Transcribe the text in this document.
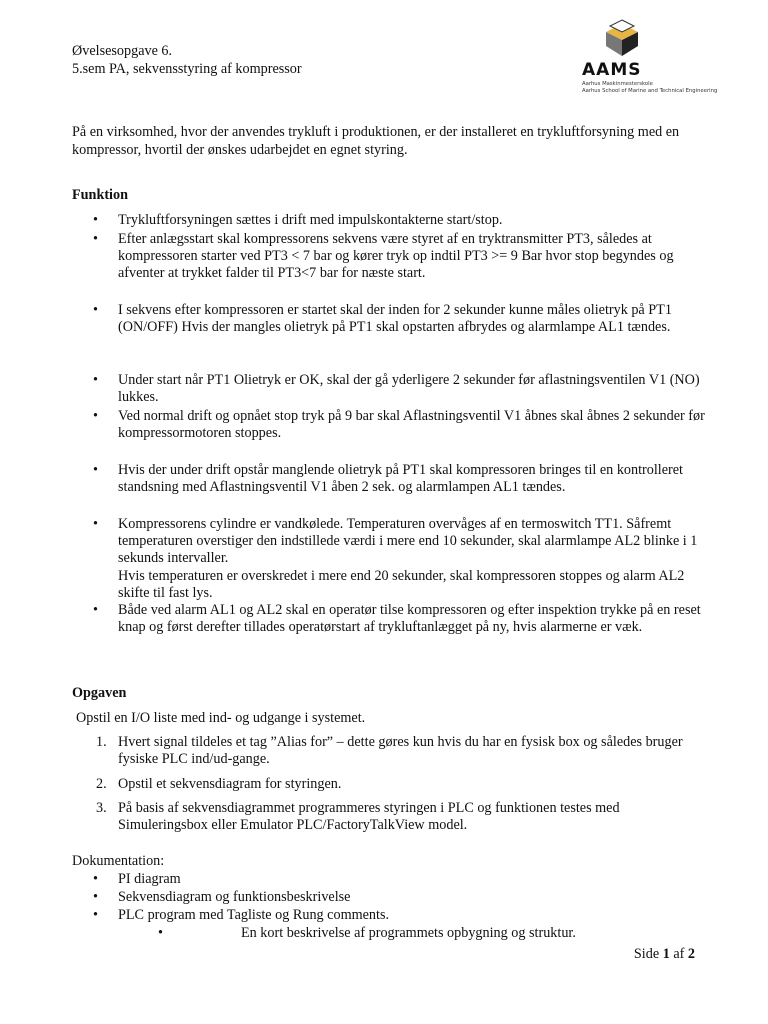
Øvelsesopgave 6.

5.sem PA, sekvensstyring af kompressor	AAMS
Aarhus Maskinmesterskole
Aarhus School of Marine and Technical Engineering

På en virksomhed, hvor der anvendes trykluft i produktionen, er der installeret en trykluftforsyning med en kompressor, hvortil der ønskes udarbejdet en egnet styring.

Funktion

• Trykluftforsyningen sættes i drift med impulskontakterne start/stop.

• Efter anlægsstart skal kompressorens sekvens være styret af en tryktransmitter PT3, således at kompressoren starter ved PT3 < 7 bar og kører tryk op indtil PT3 >= 9 Bar hvor stop begyndes og afventer at trykket falder til PT3<7 bar for næste start.

• I sekvens efter kompressoren er startet skal der inden for 2 sekunder kunne måles olietryk på PT1 (ON/OFF) Hvis der mangles olietryk på PT1 skal opstarten afbrydes og alarmlampe AL1 tændes.

• Under start når PT1 Olietryk er OK, skal der gå yderligere 2 sekunder før aflastningsventilen V1 (NO) lukkes.

• Ved normal drift og opnået stop tryk på 9 bar skal Aflastningsventil V1 åbnes skal åbnes 2 sekunder før kompressormotoren stoppes.

• Hvis der under drift opstår manglende olietryk på PT1 skal kompressoren bringes til en kontrolleret standsning med Aflastningsventil V1 åben 2 sek. og alarmlampen AL1 tændes.

• Kompressorens cylindre er vandkølede. Temperaturen overvåges af en termoswitch TT1. Såfremt temperaturen overstiger den indstillede værdi i mere end 10 sekunder, skal alarmlampe AL2 blinke i 1 sekunds intervaller.

Hvis temperaturen er overskredet i mere end 20 sekunder, skal kompressoren stoppes og alarm AL2 skifte til fast lys.

• Både ved alarm AL1 og AL2 skal en operatør tilse kompressoren og efter inspektion trykke på en reset knap og først derefter tillades operatørstart af trykluftanlægget på ny, hvis alarmerne er væk.

Opgaven

Opstil en I/O liste med ind- og udgange i systemet.

1. Hvert signal tildeles et tag ”Alias for” – dette gøres kun hvis du har en fysisk box og således bruger fysiske PLC ind/ud-gange.

2. Opstil et sekvensdiagram for styringen.

3. På basis af sekvensdiagrammet programmeres styringen i PLC og funktionen testes med Simuleringsbox eller Emulator PLC/FactoryTalkView model.

Dokumentation:

• PI diagram

• Sekvensdiagram og funktionsbeskrivelse

• PLC program med Tagliste og Rung comments.

•	En kort beskrivelse af programmets opbygning og struktur.

Side 1 af 2
